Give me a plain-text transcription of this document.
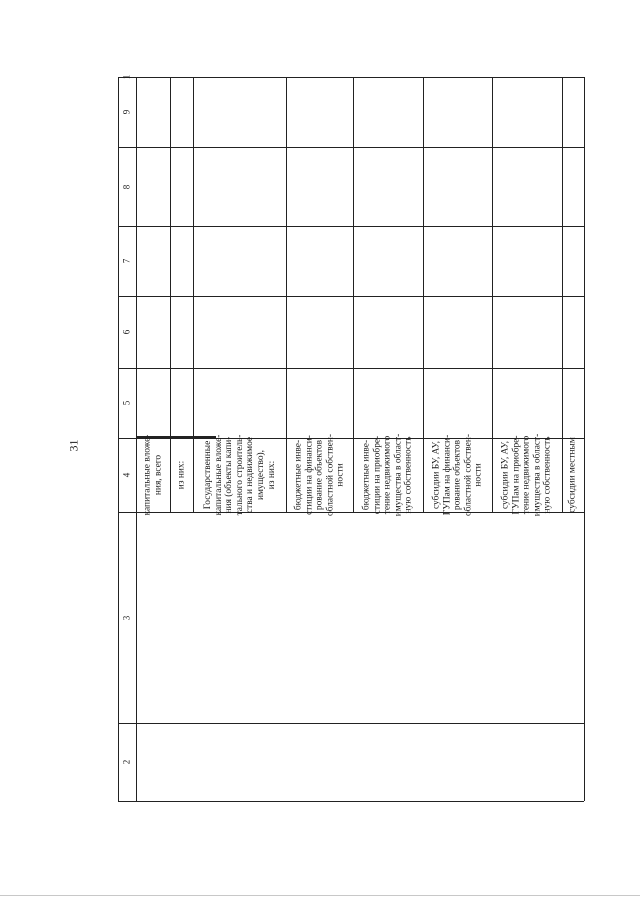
31
1
2
3
4
5
6
7
8
9
капитальные вложе- ния, всего из них: Государственные капитальные вложе- ния (объекты капи- тального строитель- ства и недвижимое имущество), из них: бюджетные инве- стиции на финанси- рование объектов областной собствен- ности бюджетные инве- стиции на приобре- тение недвижимого имущества в област- ную собственность субсидии БУ, АУ, ГУПам на финанси- рование объектов областной собствен- ности субсидии БУ, АУ, ГУПам на приобре- тение недвижимого имущества в област- ную собственность субсидии местным
